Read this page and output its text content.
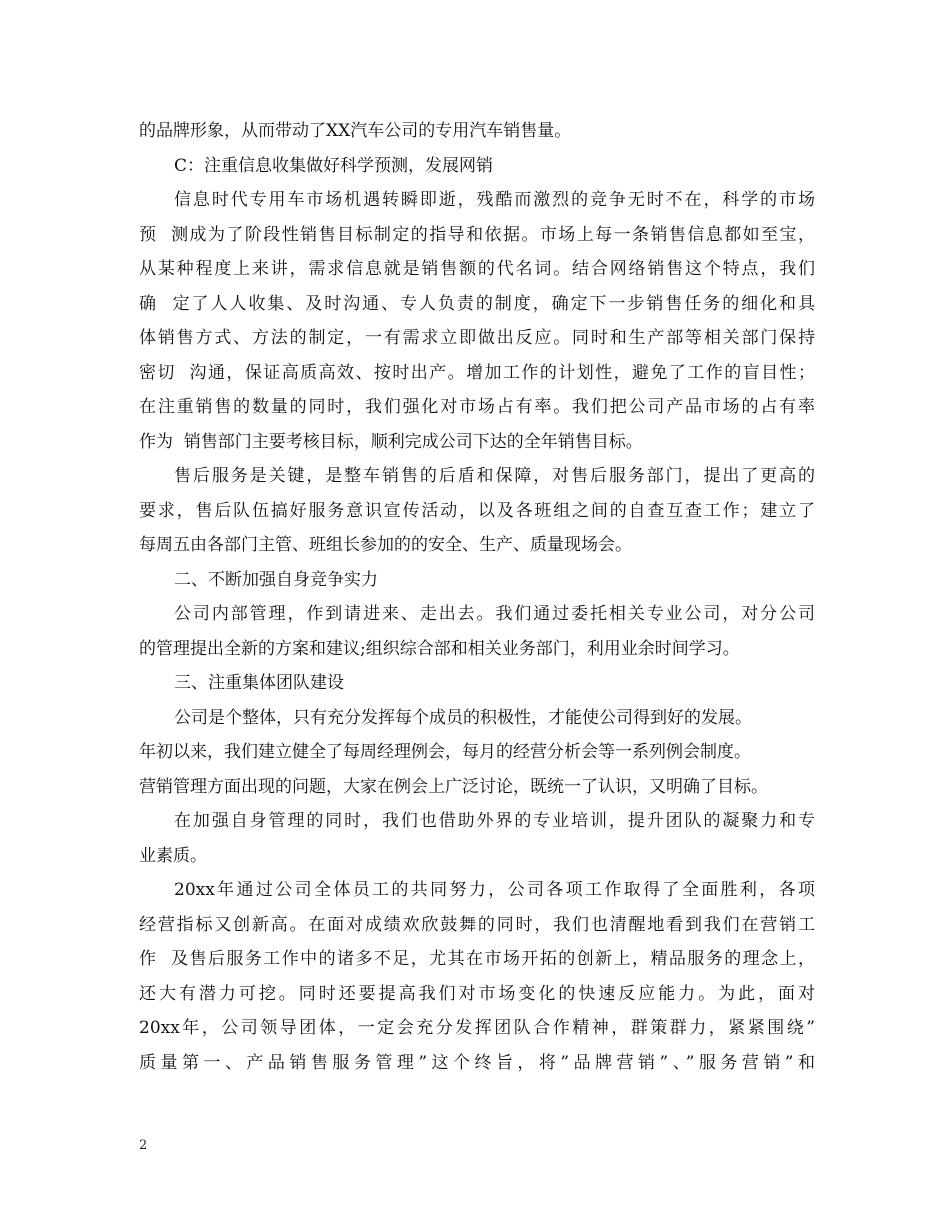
的品牌形象，从而带动了XX汽车公司的专用汽车销售量。
C：注重信息收集做好科学预测，发展网销
信息时代专用车市场机遇转瞬即逝，残酷而激烈的竞争无时不在，科学的市场
预  测成为了阶段性销售目标制定的指导和依据。市场上每一条销售信息都如至宝，
从某种程度上来讲，需求信息就是销售额的代名词。结合网络销售这个特点，我们
确  定了人人收集、及时沟通、专人负责的制度，确定下一步销售任务的细化和具
体销售方式、方法的制定，一有需求立即做出反应。同时和生产部等相关部门保持
密切  沟通，保证高质高效、按时出产。增加工作的计划性，避免了工作的盲目性；
在注重销售的数量的同时，我们强化对市场占有率。我们把公司产品市场的占有率
作为  销售部门主要考核目标，顺利完成公司下达的全年销售目标。
售后服务是关键，是整车销售的后盾和保障，对售后服务部门，提出了更高的
要求，售后队伍搞好服务意识宣传活动，以及各班组之间的自查互查工作；建立了
每周五由各部门主管、班组长参加的的安全、生产、质量现场会。
二、不断加强自身竞争实力
公司内部管理，作到请进来、走出去。我们通过委托相关专业公司，对分公司
的管理提出全新的方案和建议;组织综合部和相关业务部门，利用业余时间学习。
三、注重集体团队建设
公司是个整体，只有充分发挥每个成员的积极性，才能使公司得到好的发展。
年初以来，我们建立健全了每周经理例会，每月的经营分析会等一系列例会制度。
营销管理方面出现的问题，大家在例会上广泛讨论，既统一了认识，又明确了目标。
在加强自身管理的同时，我们也借助外界的专业培训，提升团队的凝聚力和专
业素质。
20xx年通过公司全体员工的共同努力，公司各项工作取得了全面胜利，各项
经营指标又创新高。在面对成绩欢欣鼓舞的同时，我们也清醒地看到我们在营销工
作  及售后服务工作中的诸多不足，尤其在市场开拓的创新上，精品服务的理念上，
还大有潜力可挖。同时还要提高我们对市场变化的快速反应能力。为此，面对
20xx年，公司领导团体，一定会充分发挥团队合作精神，群策群力，紧紧围绕”
质量第一、产品销售服务管理”这个终旨，将”品牌营销”、”服务营销”和
2
